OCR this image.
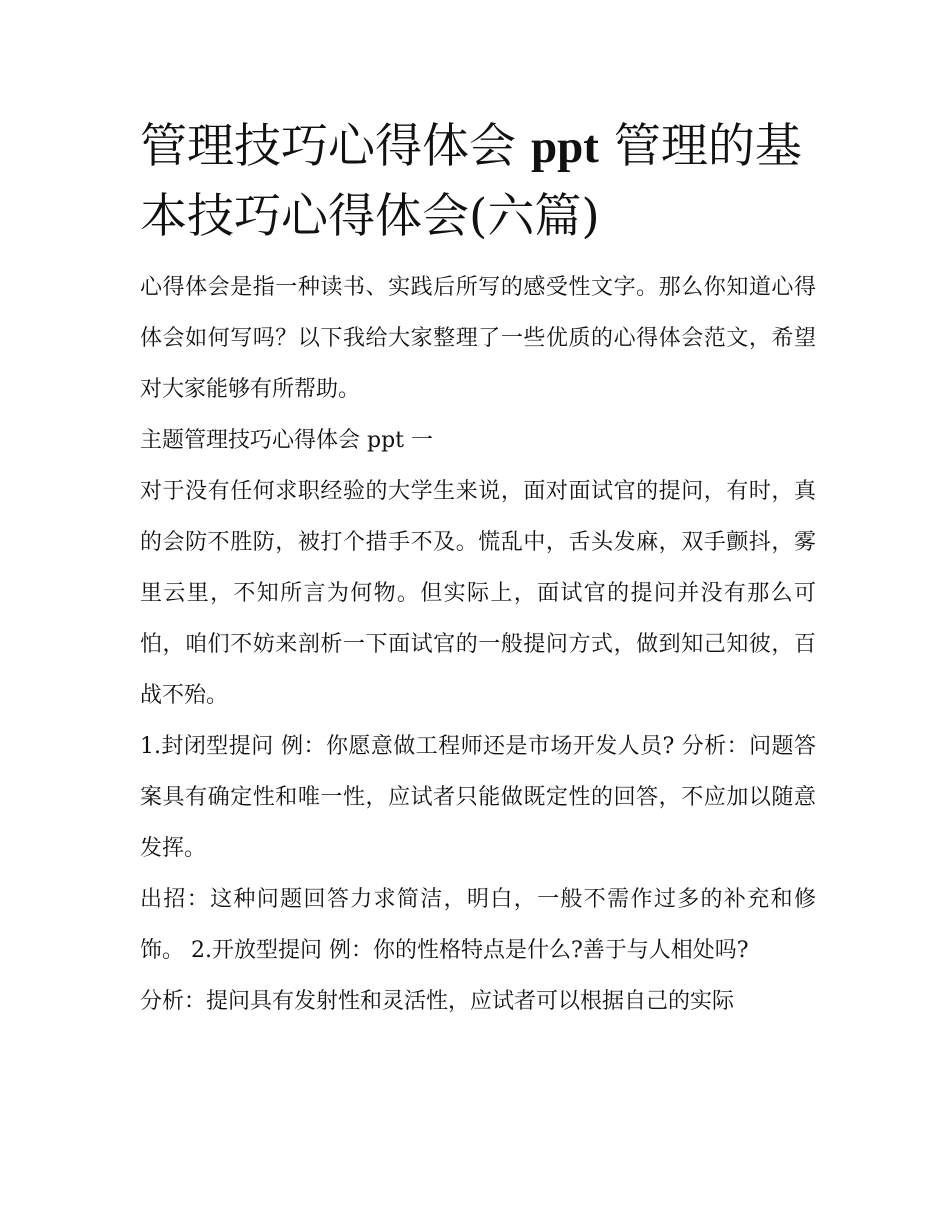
管理技巧心得体会 ppt 管理的基本技巧心得体会(六篇)

心得体会是指一种读书、实践后所写的感受性文字。那么你知道心得体会如何写吗？以下我给大家整理了一些优质的心得体会范文，希望对大家能够有所帮助。

主题管理技巧心得体会 ppt 一

对于没有任何求职经验的大学生来说，面对面试官的提问，有时，真的会防不胜防，被打个措手不及。慌乱中，舌头发麻，双手颤抖，雾里云里，不知所言为何物。但实际上，面试官的提问并没有那么可怕，咱们不妨来剖析一下面试官的一般提问方式，做到知己知彼，百战不殆。

1.封闭型提问 例：你愿意做工程师还是市场开发人员? 分析：问题答案具有确定性和唯一性，应试者只能做既定性的回答，不应加以随意发挥。

出招：这种问题回答力求简洁，明白，一般不需作过多的补充和修饰。 2.开放型提问 例：你的性格特点是什么?善于与人相处吗?

分析：提问具有发射性和灵活性，应试者可以根据自己的实际
